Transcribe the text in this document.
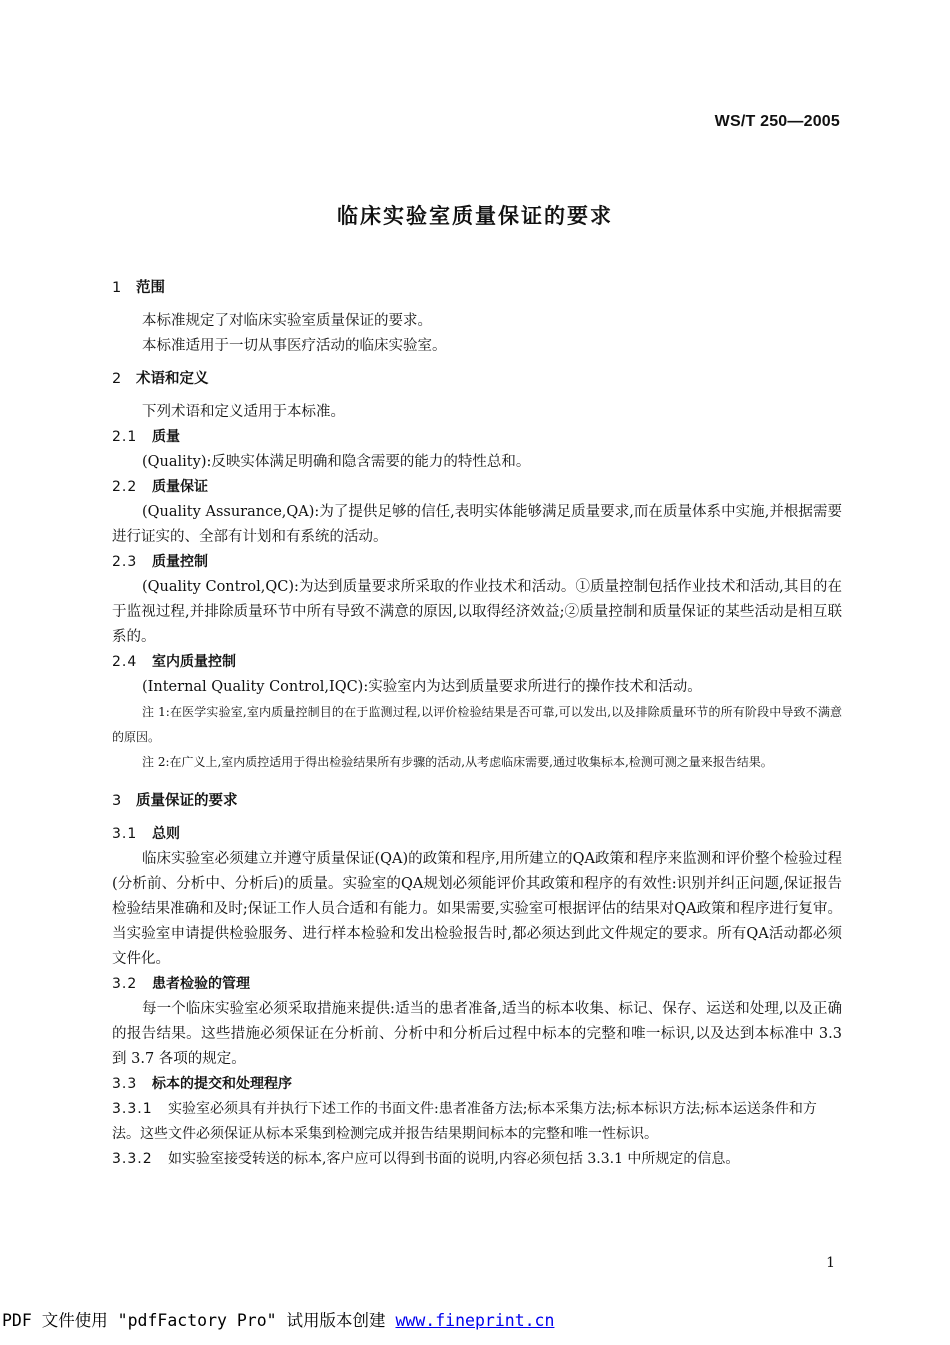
WS/T 250—2005
临床实验室质量保证的要求
1 范围

本标准规定了对临床实验室质量保证的要求。

本标准适用于一切从事医疗活动的临床实验室。

2 术语和定义

下列术语和定义适用于本标准。

2.1 质量

(Quality):反映实体满足明确和隐含需要的能力的特性总和。

2.2 质量保证

(Quality Assurance,QA):为了提供足够的信任,表明实体能够满足质量要求,而在质量体系中实施,并根据需要进行证实的、全部有计划和有系统的活动。

2.3 质量控制

(Quality Control,QC):为达到质量要求所采取的作业技术和活动。①质量控制包括作业技术和活动,其目的在于监视过程,并排除质量环节中所有导致不满意的原因,以取得经济效益;②质量控制和质量保证的某些活动是相互联系的。

2.4 室内质量控制

(Internal Quality Control,IQC):实验室内为达到质量要求所进行的操作技术和活动。

注 1:在医学实验室,室内质量控制目的在于监测过程,以评价检验结果是否可靠,可以发出,以及排除质量环节的所有阶段中导致不满意的原因。

注 2:在广义上,室内质控适用于得出检验结果所有步骤的活动,从考虑临床需要,通过收集标本,检测可测之量来报告结果。

3 质量保证的要求
3.1 总则

临床实验室必须建立并遵守质量保证(QA)的政策和程序,用所建立的QA政策和程序来监测和评价整个检验过程(分析前、分析中、分析后)的质量。实验室的QA规划必须能评价其政策和程序的有效性:识别并纠正问题,保证报告检验结果准确和及时;保证工作人员合适和有能力。如果需要,实验室可根据评估的结果对QA政策和程序进行复审。当实验室申请提供检验服务、进行样本检验和发出检验报告时,都必须达到此文件规定的要求。所有QA活动都必须文件化。

3.2 患者检验的管理

每一个临床实验室必须采取措施来提供:适当的患者准备,适当的标本收集、标记、保存、运送和处理,以及正确的报告结果。这些措施必须保证在分析前、分析中和分析后过程中标本的完整和唯一标识,以及达到本标准中 3.3 到 3.7 各项的规定。

3.3 标本的提交和处理程序

3.3.1 实验室必须具有并执行下述工作的书面文件:患者准备方法;标本采集方法;标本标识方法;标本运送条件和方法。这些文件必须保证从标本采集到检测完成并报告结果期间标本的完整和唯一性标识。

3.3.2 如实验室接受转送的标本,客户应可以得到书面的说明,内容必须包括 3.3.1 中所规定的信息。

1
PDF 文件使用 "pdfFactory Pro" 试用版本创建 www.fineprint.cn
